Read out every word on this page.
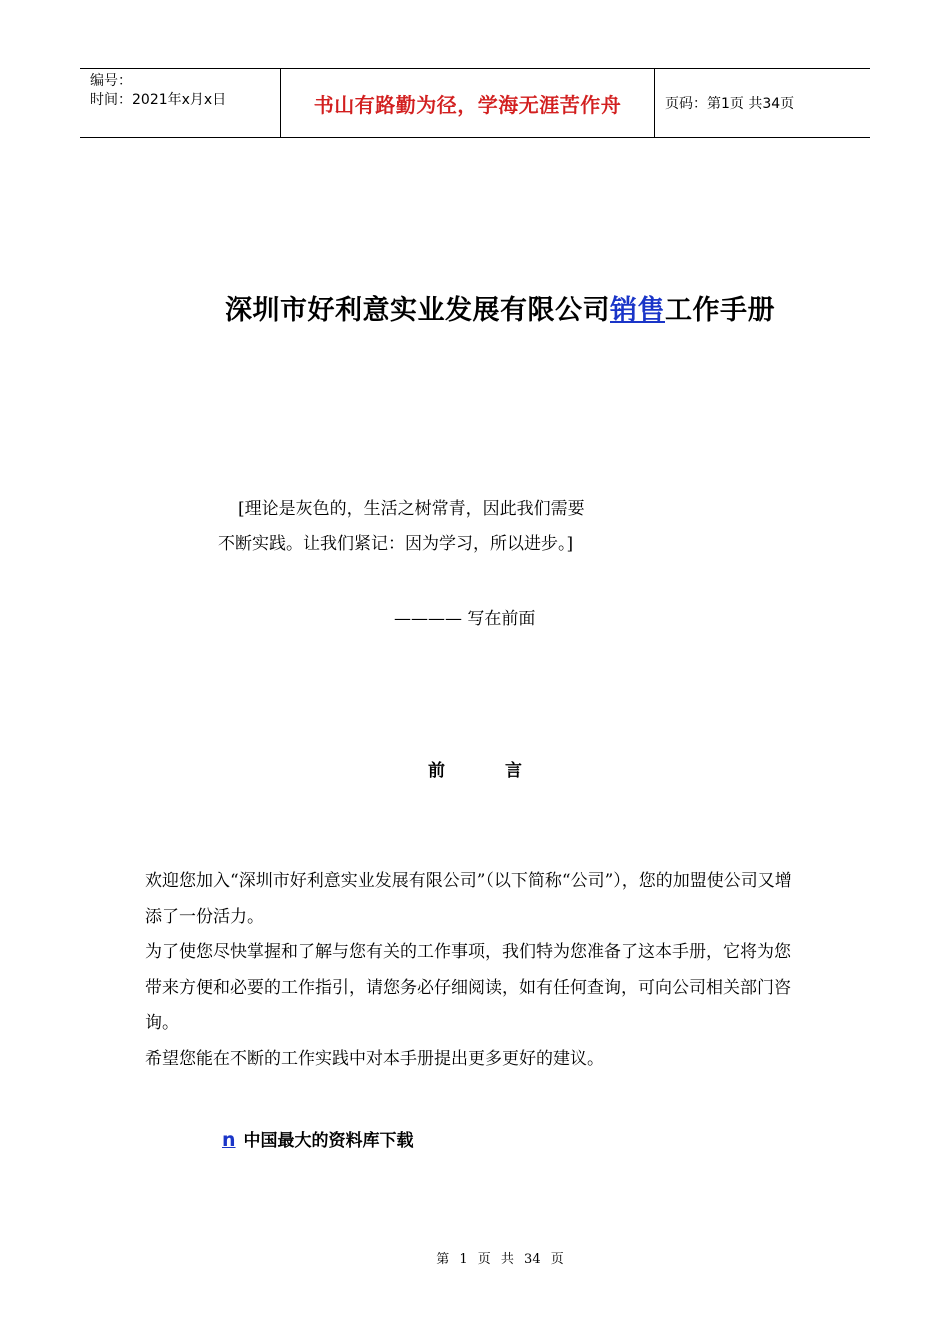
编号：
时间：2021年x月x日	书山有路勤为径，学海无涯苦作舟	页码：第1页 共34页
深圳市好利意实业发展有限公司销售工作手册
[理论是灰色的，生活之树常青，因此我们需要
不断实践。让我们紧记：因为学习，所以进步。]
———— 写在前面
前	言

欢迎您加入“深圳市好利意实业发展有限公司”（以下简称“公司”），您的加盟使公司又增添了一份活力。

为了使您尽快掌握和了解与您有关的工作事项，我们特为您准备了这本手册，它将为您带来方便和必要的工作指引，请您务必仔细阅读，如有任何查询，可向公司相关部门咨询。

希望您能在不断的工作实践中对本手册提出更多更好的建议。

n 中国最大的资料库下载
第 1 页 共 34 页
